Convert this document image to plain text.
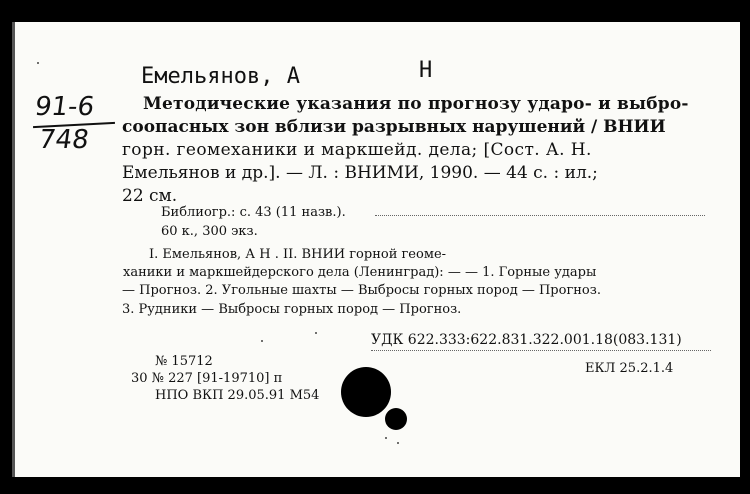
91-6
748
Емельянов, А	Н
Методические указания по прогнозу ударо- и выбро-
соопасных зон вблизи разрывных нарушений / ВНИИ
горн. геомеханики и маркшейд. дела; [Сост. А. Н.
Емельянов и др.]. — Л. : ВНИМИ, 1990. — 44 с. : ил.;
22 см.
Библиогр.: с. 43 (11 назв.).
60 к., 300 экз.
I. Емельянов, А Н . II. ВНИИ горной геоме-
ханики и маркшейдерского дела (Ленинград): — — 1. Горные удары
— Прогноз. 2. Угольные шахты — Выбросы горных пород — Прогноз.
3. Рудники — Выбросы горных пород — Прогноз.
УДК 622.333:622.831.322.001.18(083.131)
№ 15712
30 № 227 [91-19710] п
НПО ВКП 29.05.91 М54
ЕКЛ 25.2.1.4
